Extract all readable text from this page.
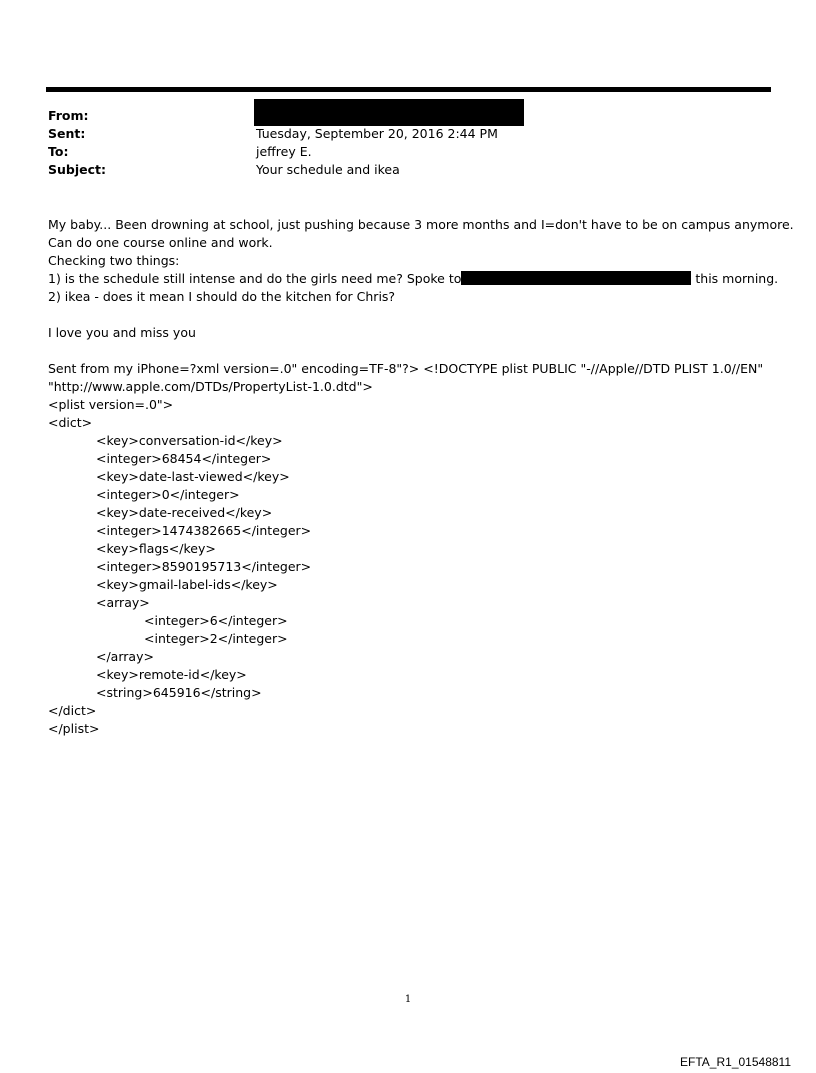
From:
Sent:	Tuesday, September 20, 2016 2:44 PM
To:	jeffrey E.
Subject:	Your schedule and ikea
My baby... Been drowning at school, just pushing because 3 more months and I=don't have to be on campus anymore.
Can do one course online and work.
Checking two things:
1) is the schedule still intense and do the girls need me? Spoke to	this morning.
2) ikea - does it mean I should do the kitchen for Chris?
I love you and miss you
Sent from my iPhone=?xml version=.0" encoding=TF-8"?> <!DOCTYPE plist PUBLIC "-//Apple//DTD PLIST 1.0//EN"
"http://www.apple.com/DTDs/PropertyList-1.0.dtd">
<plist version=.0">
<dict>
<key>conversation-id</key>
<integer>68454</integer>
<key>date-last-viewed</key>
<integer>0</integer>
<key>date-received</key>
<integer>1474382665</integer>
<key>flags</key>
<integer>8590195713</integer>
<key>gmail-label-ids</key>
<array>
<integer>6</integer>
<integer>2</integer>
</array>
<key>remote-id</key>
<string>645916</string>
</dict>
</plist>
1
EFTA_R1_01548811
